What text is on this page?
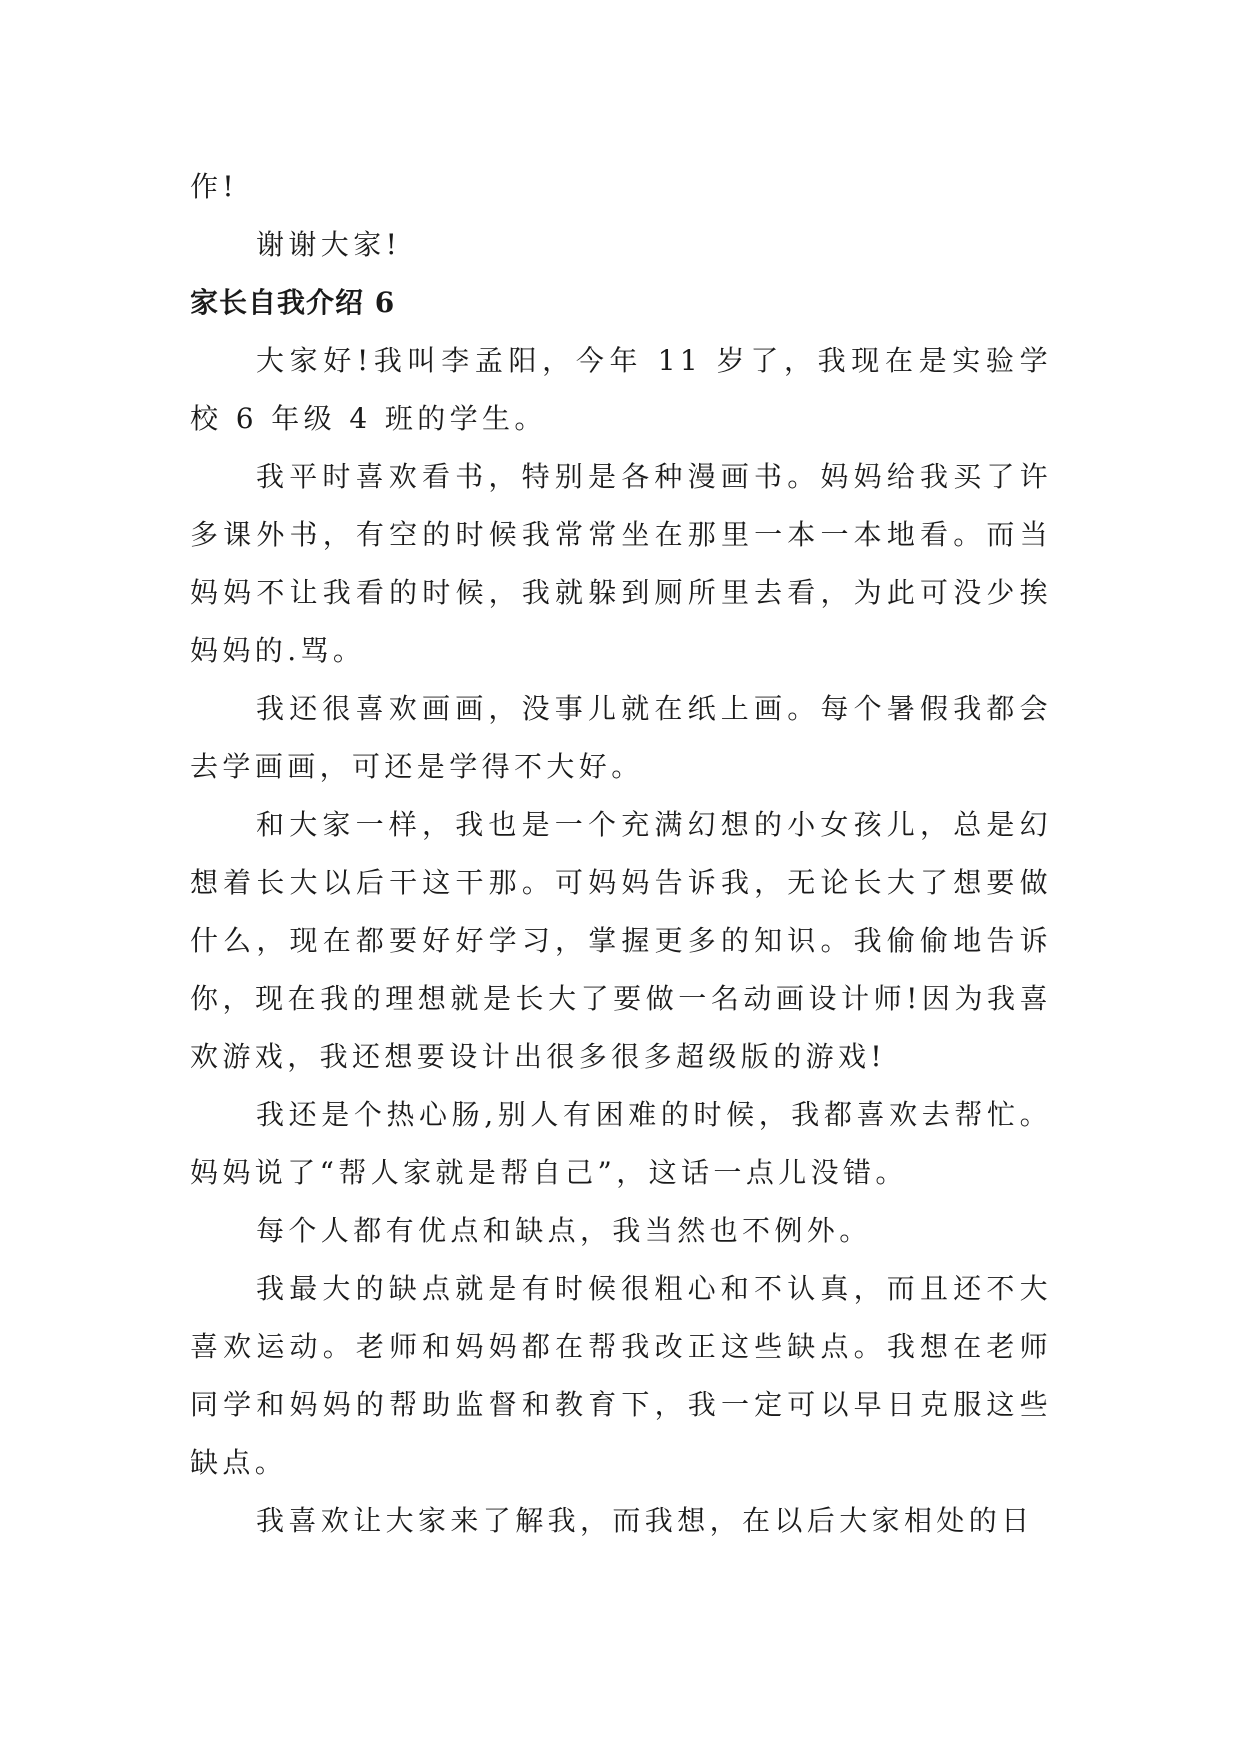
作!

谢谢大家!

家长自我介绍 6

大家好!我叫李孟阳，今年 11 岁了，我现在是实验学校 6 年级 4 班的学生。

我平时喜欢看书，特别是各种漫画书。妈妈给我买了许多课外书，有空的时候我常常坐在那里一本一本地看。而当妈妈不让我看的时候，我就躲到厕所里去看，为此可没少挨妈妈的.骂。

我还很喜欢画画，没事儿就在纸上画。每个暑假我都会去学画画，可还是学得不大好。

和大家一样，我也是一个充满幻想的小女孩儿，总是幻想着长大以后干这干那。可妈妈告诉我，无论长大了想要做什么，现在都要好好学习，掌握更多的知识。我偷偷地告诉你，现在我的理想就是长大了要做一名动画设计师!因为我喜欢游戏，我还想要设计出很多很多超级版的游戏!

我还是个热心肠,别人有困难的时候，我都喜欢去帮忙。妈妈说了“帮人家就是帮自己”，这话一点儿没错。

每个人都有优点和缺点，我当然也不例外。

我最大的缺点就是有时候很粗心和不认真，而且还不大喜欢运动。老师和妈妈都在帮我改正这些缺点。我想在老师同学和妈妈的帮助监督和教育下，我一定可以早日克服这些缺点。

我喜欢让大家来了解我，而我想，在以后大家相处的日
